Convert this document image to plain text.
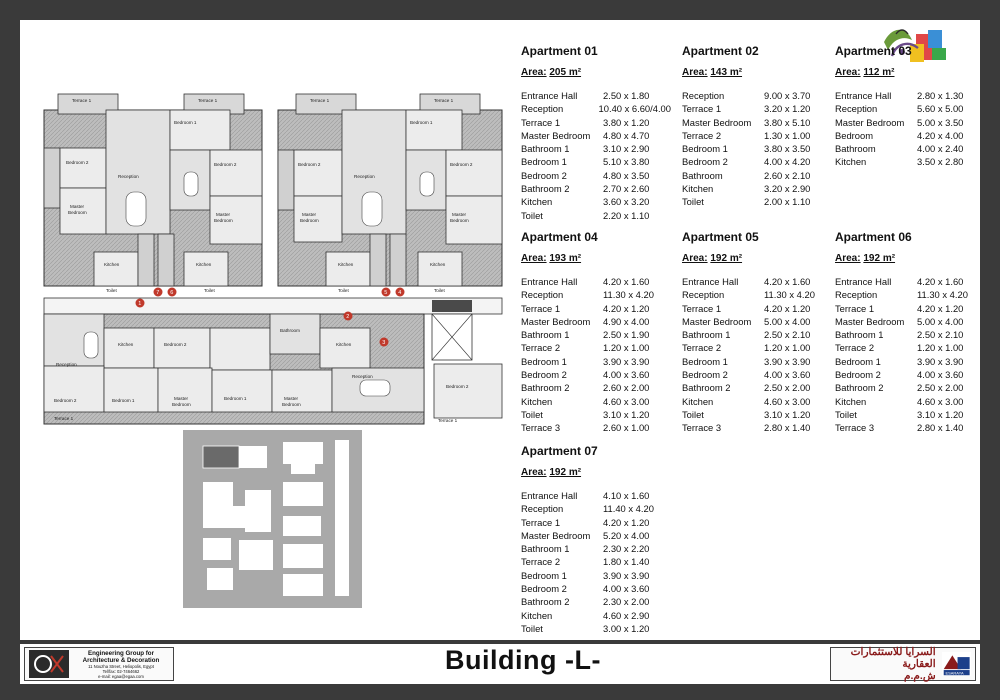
Terrace 1	Terrace 1
Bedroom 2
Master
Bedroom
Reception
Bedroom 1
Bedroom 2
Master
Bedroom
Kitchen	Kitchen
Toilet	Toilet
Terrace 1	Terrace 1
Bedroom 2
Master
Bedroom
Reception
Bedroom 1
Bedroom 2
Master
Bedroom
Kitchen	Kitchen
Toilet	Toilet
Reception
Kitchen	Bedroom 2
Bathroom
Kitchen
Bedroom 2	Bedroom 1	Master
Bedroom
Bedroom 1	Master
Bedroom
Reception
Bedroom 2
Terrace 1	Terrace 1
1
2
3
4
5
6
7
Apartment 01
Area: 205 m²
Entrance Hall	2.50 x 1.80
Reception	10.40 x 6.60/4.00
Terrace 1	3.80 x 1.20
Master Bedroom	4.80 x 4.70
Bathroom 1	3.10 x 2.90
Bedroom 1	5.10 x 3.80
Bedroom 2	4.80 x 3.50
Bathroom 2	2.70 x 2.60
Kitchen	3.60 x 3.20
Toilet	2.20 x 1.10
Apartment 02
Area: 143 m²
Reception	9.00 x 3.70
Terrace 1	3.20 x 1.20
Master Bedroom	3.80 x 5.10
Terrace 2	1.30 x 1.00
Bedroom 1	3.80 x 3.50
Bedroom 2	4.00 x 4.20
Bathroom	2.60 x 2.10
Kitchen	3.20 x 2.90
Toilet	2.00 x 1.10
Apartment 03
Area: 112 m²
Entrance Hall	2.80 x 1.30
Reception	5.60 x 5.00
Master Bedroom	5.00 x 3.50
Bedroom	4.20 x 4.00
Bathroom	4.00 x 2.40
Kitchen	3.50 x 2.80
Apartment 04
Area: 193 m²
Entrance Hall	4.20 x 1.60
Reception	11.30 x 4.20
Terrace 1	4.20 x 1.20
Master Bedroom	4.90 x 4.00
Bathroom 1	2.50 x 1.90
Terrace 2	1.20 x 1.00
Bedroom 1	3.90 x 3.90
Bedroom 2	4.00 x 3.60
Bathroom 2	2.60 x 2.00
Kitchen	4.60 x 3.00
Toilet	3.10 x 1.20
Terrace 3	2.60 x 1.00
Apartment 05
Area: 192 m²
Entrance Hall	4.20 x 1.60
Reception	11.30 x 4.20
Terrace 1	4.20 x 1.20
Master Bedroom	5.00 x 4.00
Bathroom 1	2.50 x 2.10
Terrace 2	1.20 x 1.00
Bedroom 1	3.90 x 3.90
Bedroom 2	4.00 x 3.60
Bathroom 2	2.50 x 2.00
Kitchen	4.60 x 3.00
Toilet	3.10 x 1.20
Terrace 3	2.80 x 1.40
Apartment 06
Area: 192 m²
Entrance Hall	4.20 x 1.60
Reception	11.30 x 4.20
Terrace 1	4.20 x 1.20
Master Bedroom	5.00 x 4.00
Bathroom 1	2.50 x 2.10
Terrace 2	1.20 x 1.00
Bedroom 1	3.90 x 3.90
Bedroom 2	4.00 x 3.60
Bathroom 2	2.50 x 2.00
Kitchen	4.60 x 3.00
Toilet	3.10 x 1.20
Terrace 3	2.80 x 1.40
Apartment 07
Area: 192 m²
Entrance Hall	4.10 x 1.60
Reception	11.40 x 4.20
Terrace 1	4.20 x 1.20
Master Bedroom	5.20 x 4.00
Bathroom 1	2.30 x 2.20
Terrace 2	1.80 x 1.40
Bedroom 1	3.90 x 3.90
Bedroom 2	4.00 x 3.60
Bathroom 2	2.30 x 2.00
Kitchen	4.60 x 2.90
Toilet	3.00 x 1.20
Engineering Group for
Architecture & Decoration
11 Nouzha Street, Heliopolis, Egypt
Tel/fax: 02-7464662
e-mail: egaa@egaa.com
Building -L-	السرايا للاستثمارات العقارية
ش.م.م ESARAYA
